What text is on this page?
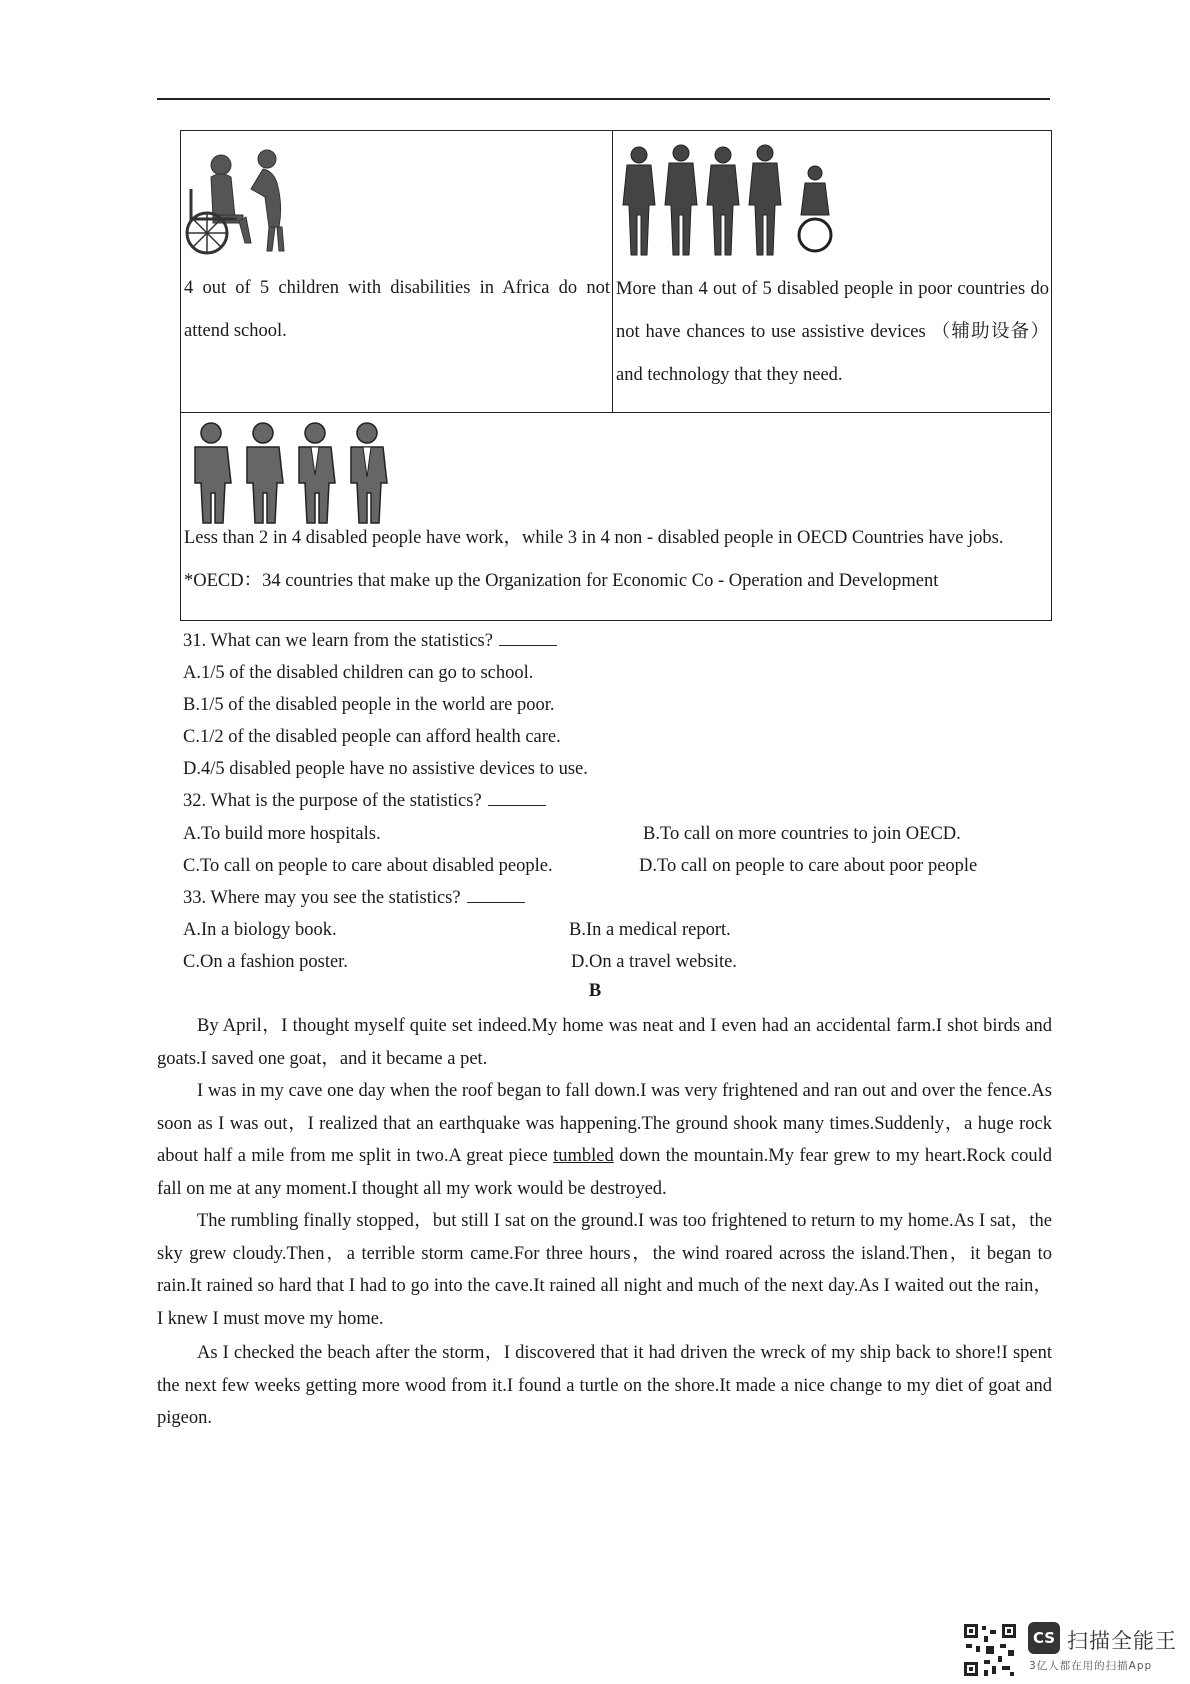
4 out of 5 children with disabilities in Africa do not attend school.

More than 4 out of 5 disabled people in poor countries do not have chances to use assistive devices （辅助设备） and technology that they need.

Less than 2 in 4 disabled people have work，while 3 in 4 non - disabled people in OECD Countries have jobs.

*OECD：34 countries that make up the Organization for Economic Co - Operation and Development

31. What can we learn from the statistics?
A.1/5 of the disabled children can go to school.
B.1/5 of the disabled people in the world are poor.
C.1/2 of the disabled people can afford health care.
D.4/5 disabled people have no assistive devices to use.
32. What is the purpose of the statistics?
A.To build more hospitals.	B.To call on more countries to join OECD.
C.To call on people to care about disabled people.	D.To call on people to care about poor people
33. Where may you see the statistics?
A.In a biology book.	B.In a medical report.
C.On a fashion poster.	D.On a travel website.
B
By April，I thought myself quite set indeed.My home was neat and I even had an accidental farm.I shot birds and goats.I saved one goat，and it became a pet.
I was in my cave one day when the roof began to fall down.I was very frightened and ran out and over the fence.As soon as I was out，I realized that an earthquake was happening.The ground shook many times.Suddenly，a huge rock about half a mile from me split in two.A great piece tumbled down the mountain.My fear grew to my heart.Rock could fall on me at any moment.I thought all my work would be destroyed.
The rumbling finally stopped，but still I sat on the ground.I was too frightened to return to my home.As I sat，the sky grew cloudy.Then，a terrible storm came.For three hours，the wind roared across the island.Then，it began to rain.It rained so hard that I had to go into the cave.It rained all night and much of the next day.As I waited out the rain，I knew I must move my home.
As I checked the beach after the storm，I discovered that it had driven the wreck of my ship back to shore!I spent the next few weeks getting more wood from it.I found a turtle on the shore.It made a nice change to my diet of goat and pigeon.
CS 扫描全能王
3亿人都在用的扫描App
